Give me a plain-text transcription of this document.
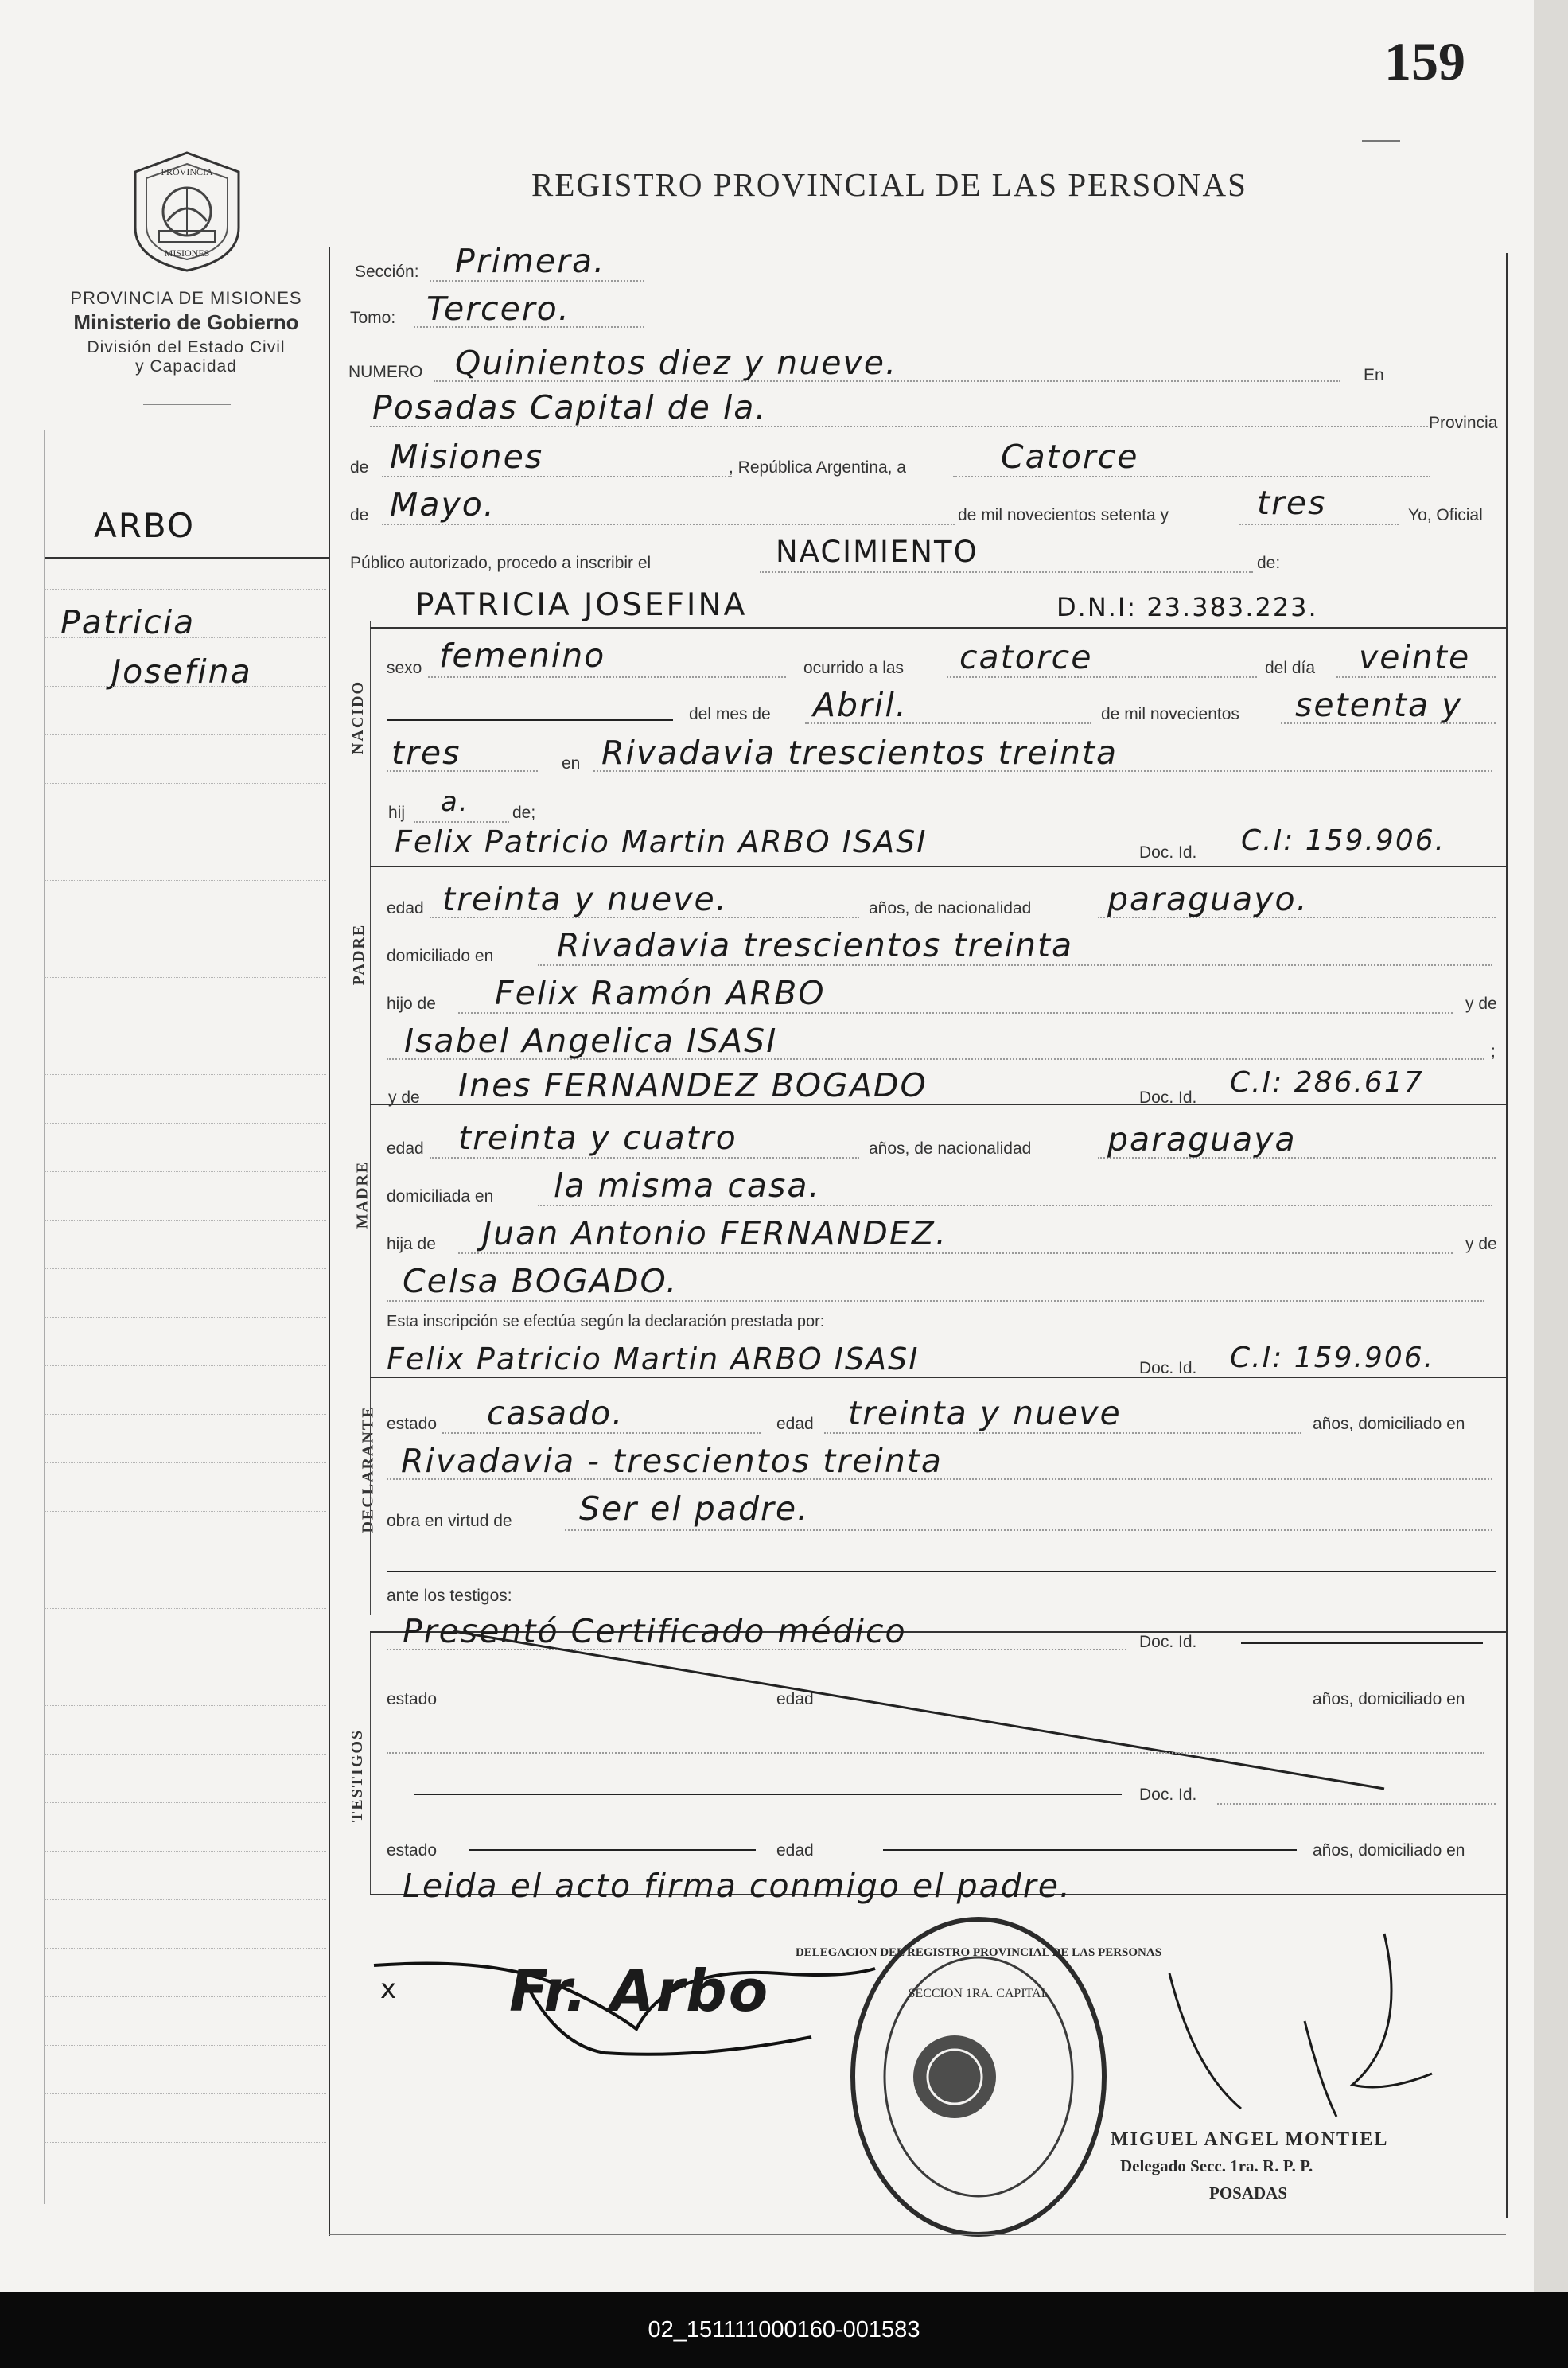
159
REGISTRO PROVINCIAL DE LAS PERSONAS
PROVINCIA
MISIONES
PROVINCIA DE MISIONES
Ministerio de Gobierno
División del Estado Civil
y Capacidad
ARBO
Patricia
Josefina
NACIDO
PADRE
MADRE
DECLARANTE
TESTIGOS
Sección: Primera.
Tomo: Tercero.
NUMERO Quinientos diez y nueve.	En
Posadas Capital de la.	Provincia
de Misiones	, República Argentina, a	Catorce
de Mayo.	de mil novecientos setenta y	tres	Yo, Oficial
Público autorizado, procedo a inscribir el	NACIMIENTO	de:
PATRICIA JOSEFINA	D.N.I: 23.383.223.
sexo femenino	ocurrido a las catorce	del día veinte
del mes de Abril.	de mil novecientos setenta y
tres	en Rivadavia trescientos treinta
hij a.	de;
Felix Patricio Martin ARBO ISASI	Doc. Id. C.I: 159.906.
edad treinta y nueve.	años, de nacionalidad paraguayo.
domiciliado en Rivadavia trescientos treinta
hijo de Felix Ramón ARBO	y de
Isabel Angelica ISASI	;
y de Ines FERNANDEZ BOGADO	Doc. Id. C.I: 286.617
edad treinta y cuatro	años, de nacionalidad paraguaya
domiciliada en la misma casa.
hija de Juan Antonio FERNANDEZ.	y de
Celsa BOGADO.
Esta inscripción se efectúa según la declaración prestada por:
Felix Patricio Martin ARBO ISASI	Doc. Id. C.I: 159.906.
estado casado.	edad treinta y nueve	años, domiciliado en
Rivadavia - trescientos treinta
obra en virtud de Ser el padre.
ante los testigos:
Presentó Certificado médico	Doc. Id.
estado	edad	años, domiciliado en
Doc. Id.
estado	edad	años, domiciliado en
Leida el acto firma conmigo el padre.
x Fr. Arbo
DELEGACION DEL REGISTRO PROVINCIAL DE LAS PERSONAS
SECCION 1RA. CAPITAL
MIGUEL ANGEL MONTIEL
Delegado Secc. 1ra. R. P. P.
POSADAS
02_151111000160-001583
